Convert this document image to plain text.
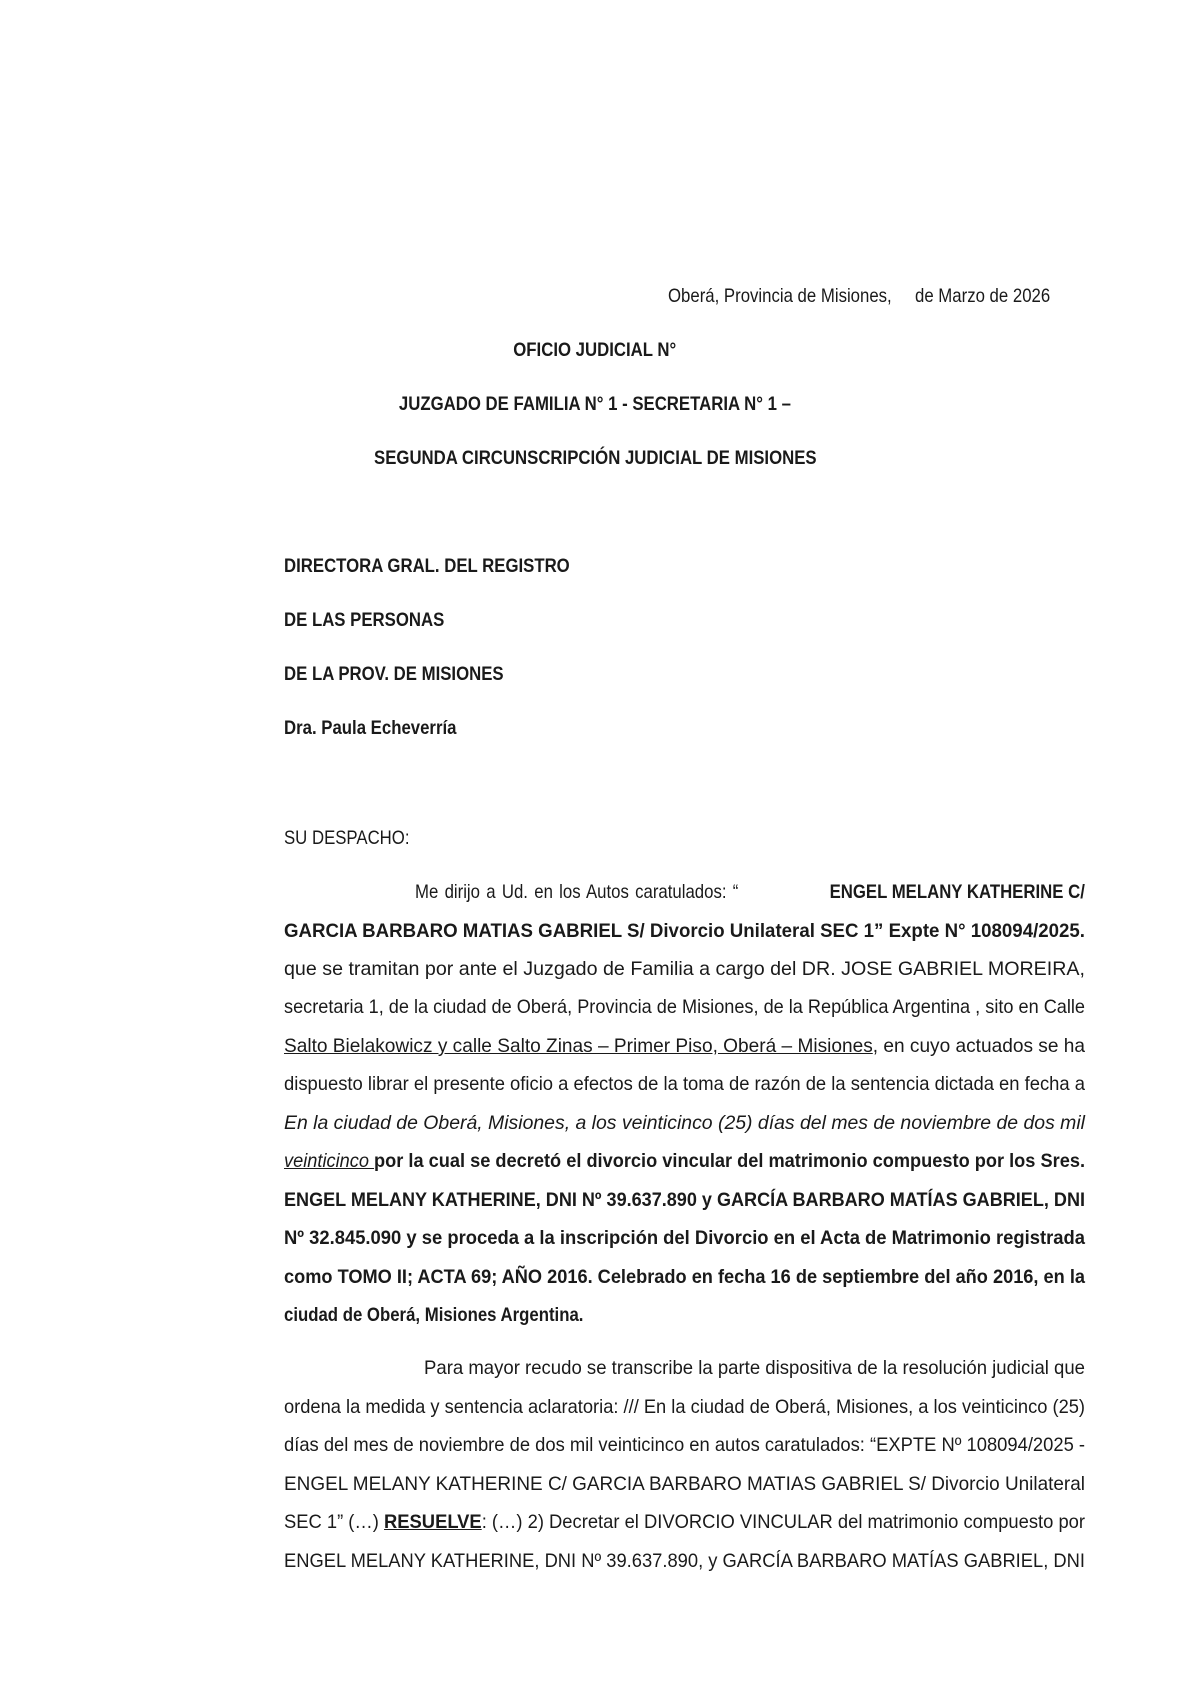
Oberá, Provincia de Misiones,     de Marzo de 2026
OFICIO JUDICIAL N°
JUZGADO DE FAMILIA N° 1 - SECRETARIA N° 1 –
SEGUNDA CIRCUNSCRIPCIÓN JUDICIAL DE MISIONES
DIRECTORA GRAL. DEL REGISTRO
DE LAS PERSONAS
DE LA PROV. DE MISIONES
Dra. Paula Echeverría
SU DESPACHO:
Me dirijo a Ud. en los Autos caratulados: “	ENGEL MELANY KATHERINE C/
GARCIA BARBARO MATIAS GABRIEL S/ Divorcio Unilateral SEC 1” Expte N° 108094/2025.
que se tramitan por ante el Juzgado de Familia a cargo del DR. JOSE GABRIEL MOREIRA,
secretaria 1, de la ciudad de Oberá, Provincia de Misiones, de la República Argentina , sito en Calle
Salto Bielakowicz y calle Salto Zinas – Primer Piso, Oberá – Misiones, en cuyo actuados se ha
dispuesto librar el presente oficio a efectos de la toma de razón de la sentencia dictada en fecha a
En la ciudad de Oberá, Misiones, a los veinticinco (25) días del mes de noviembre de dos mil
veinticinco por la cual se decretó el divorcio vincular del matrimonio compuesto por los Sres.
ENGEL MELANY KATHERINE, DNI Nº 39.637.890 y GARCÍA BARBARO MATÍAS GABRIEL, DNI
Nº 32.845.090 y se proceda a la inscripción del Divorcio en el Acta de Matrimonio registrada
como TOMO II; ACTA 69; AÑO 2016. Celebrado en fecha 16 de septiembre del año 2016, en la
ciudad de Oberá, Misiones Argentina.
Para mayor recudo se transcribe la parte dispositiva de la resolución judicial que
ordena la medida y sentencia aclaratoria: /// En la ciudad de Oberá, Misiones, a los veinticinco (25)
días del mes de noviembre de dos mil veinticinco en autos caratulados: “EXPTE Nº 108094/2025 -
ENGEL MELANY KATHERINE C/ GARCIA BARBARO MATIAS GABRIEL S/ Divorcio Unilateral
SEC 1” (…) RESUELVE: (…) 2) Decretar el DIVORCIO VINCULAR del matrimonio compuesto por
ENGEL MELANY KATHERINE, DNI Nº 39.637.890, y GARCÍA BARBARO MATÍAS GABRIEL, DNI
